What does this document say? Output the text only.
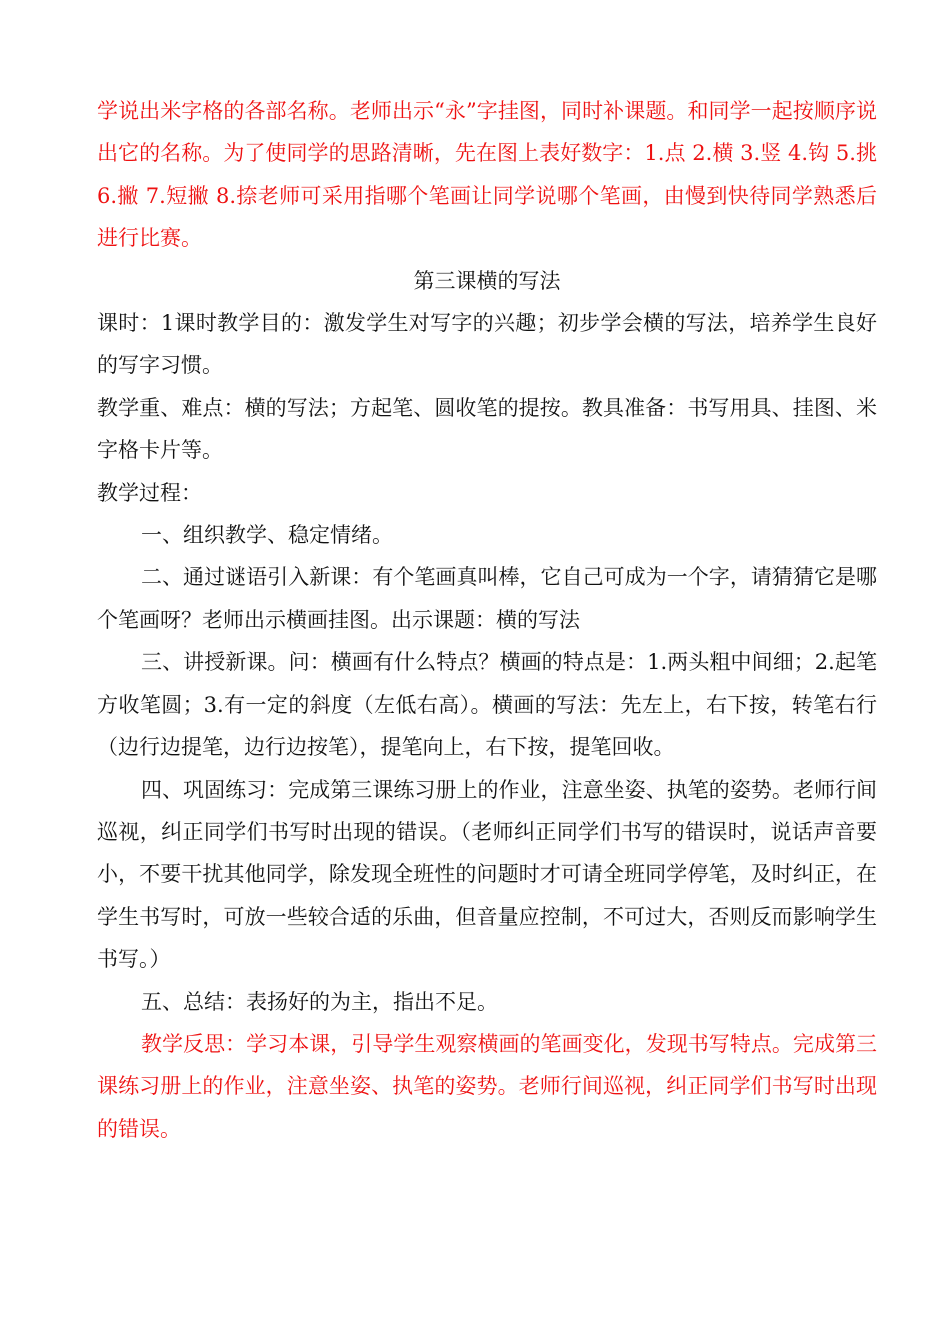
学说出米字格的各部名称。老师出示“永”字挂图，同时补课题。和同学一起按顺序说出它的名称。为了使同学的思路清晰，先在图上表好数字：1.点 2.横 3.竖 4.钩 5.挑 6.撇 7.短撇 8.捺老师可采用指哪个笔画让同学说哪个笔画，由慢到快待同学熟悉后进行比赛。

第三课横的写法

课时：1课时教学目的：激发学生对写字的兴趣；初步学会横的写法，培养学生良好的写字习惯。

教学重、难点：横的写法；方起笔、圆收笔的提按。教具准备：书写用具、挂图、米字格卡片等。

教学过程：

一、组织教学、稳定情绪。

二、通过谜语引入新课：有个笔画真叫棒，它自己可成为一个字，请猜猜它是哪个笔画呀？老师出示横画挂图。出示课题：横的写法

三、讲授新课。问：横画有什么特点？横画的特点是：1.两头粗中间细；2.起笔方收笔圆；3.有一定的斜度（左低右高）。横画的写法：先左上，右下按，转笔右行（边行边提笔，边行边按笔），提笔向上，右下按，提笔回收。

四、巩固练习：完成第三课练习册上的作业，注意坐姿、执笔的姿势。老师行间巡视，纠正同学们书写时出现的错误。（老师纠正同学们书写的错误时，说话声音要小，不要干扰其他同学，除发现全班性的问题时才可请全班同学停笔，及时纠正，在学生书写时，可放一些较合适的乐曲，但音量应控制，不可过大，否则反而影响学生书写。）

五、总结：表扬好的为主，指出不足。

教学反思：学习本课，引导学生观察横画的笔画变化，发现书写特点。完成第三课练习册上的作业，注意坐姿、执笔的姿势。老师行间巡视，纠正同学们书写时出现的错误。
